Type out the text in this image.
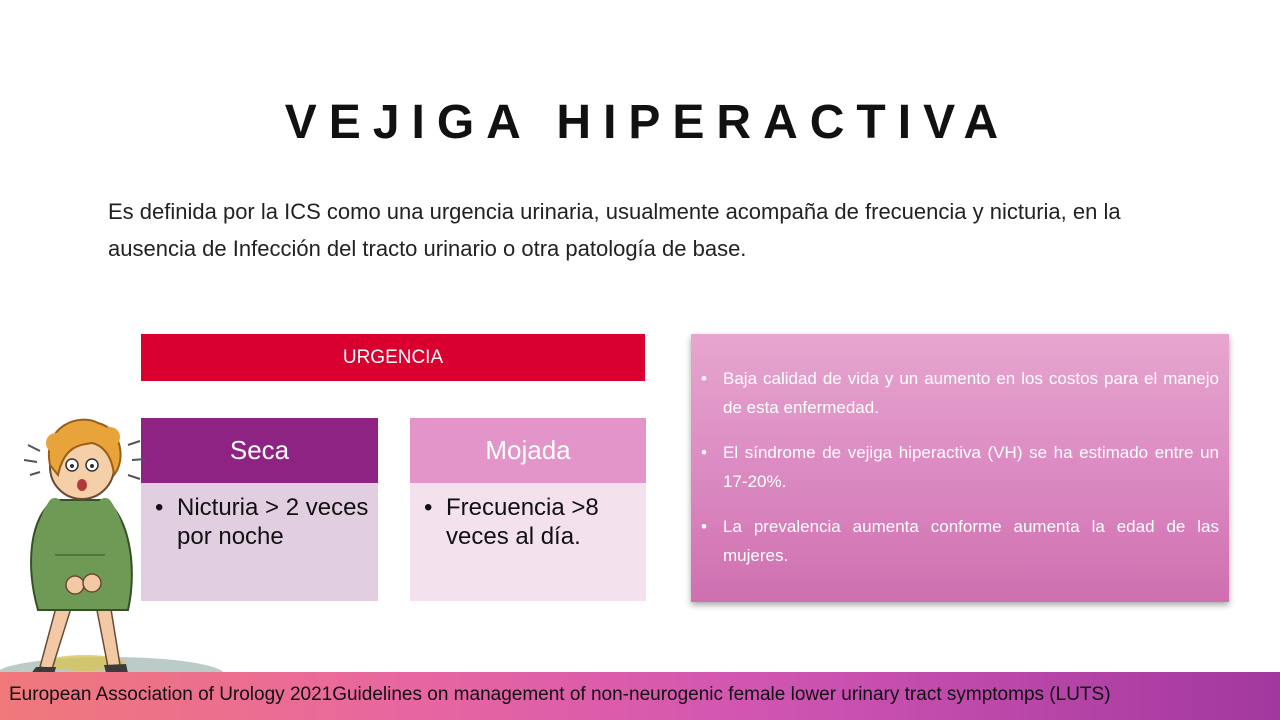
VEJIGA HIPERACTIVA
Es definida por la ICS como una urgencia urinaria, usualmente acompaña de frecuencia y nicturia, en la ausencia de Infección del tracto urinario o otra patología de base.
URGENCIA
Seca
• Nicturia > 2 veces por noche
Mojada
• Frecuencia >8 veces al día.
• Baja calidad de vida y un aumento en los costos para el manejo de esta enfermedad.
• El síndrome de vejiga hiperactiva (VH) se ha estimado entre un 17-20%.
• La prevalencia aumenta conforme aumenta la edad de las mujeres.
European Association of Urology 2021Guidelines on management of non-neurogenic female lower urinary tract symptomps (LUTS)
